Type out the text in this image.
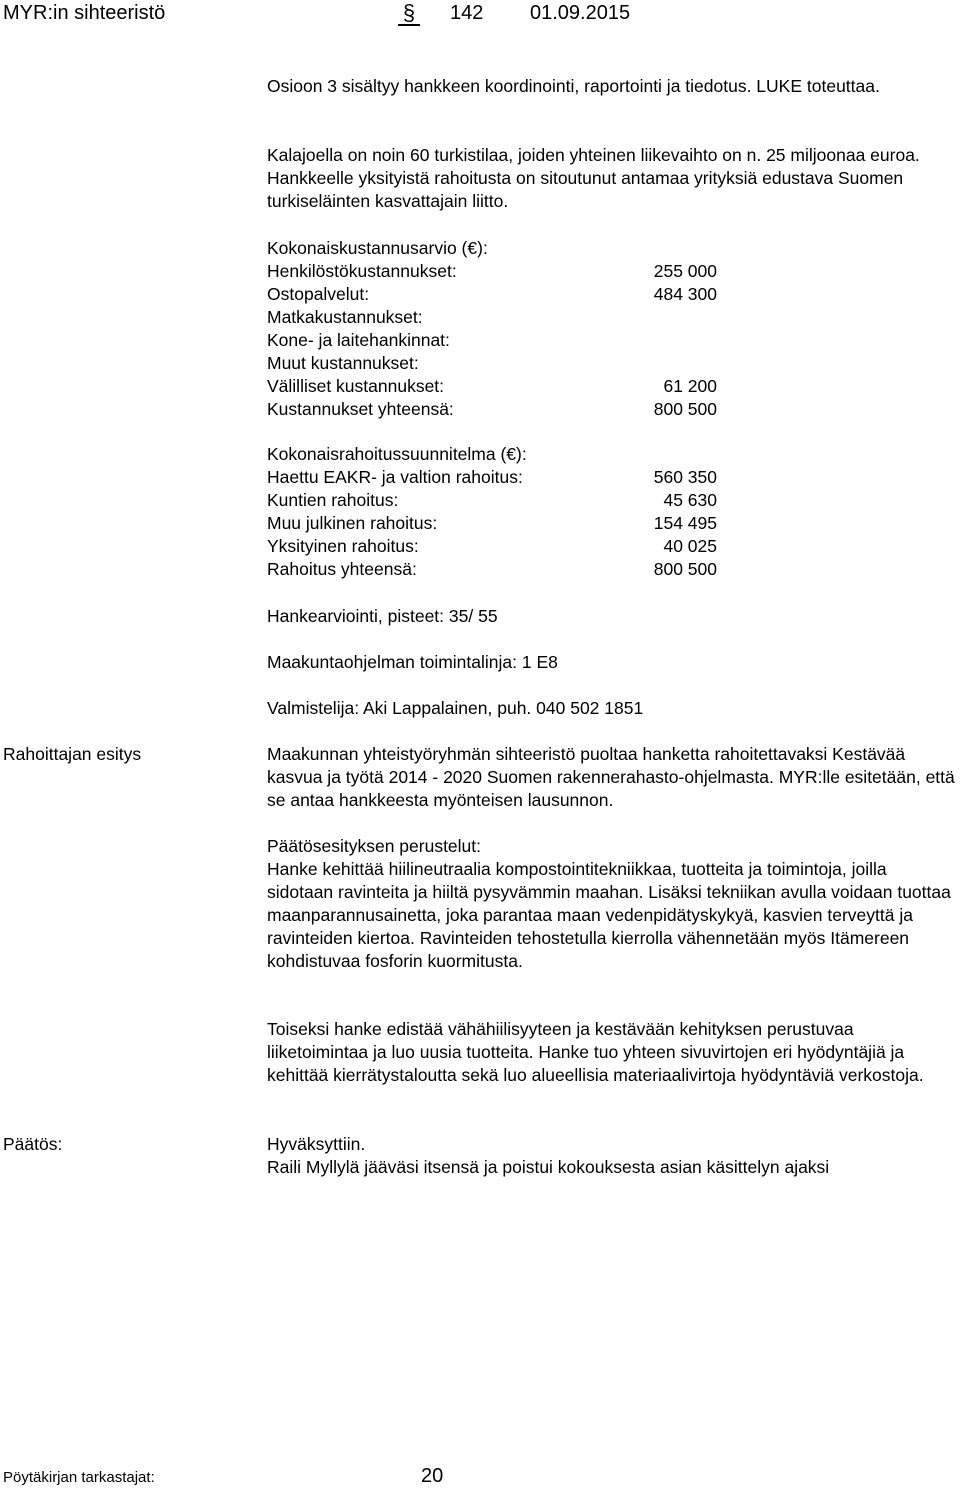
MYR:in sihteeristö	§ 142 01.09.2015

Osioon 3 sisältyy hankkeen koordinointi, raportointi ja tiedotus. LUKE toteuttaa.

Kalajoella on noin 60 turkistilaa, joiden yhteinen liikevaihto on n. 25 miljoonaa euroa. Hankkeelle yksityistä rahoitusta on sitoutunut antamaa yrityksiä edustava Suomen turkiseläinten kasvattajain liitto.

Kokonaiskustannusarvio (€):
Henkilöstökustannukset:	255 000
Ostopalvelut:	484 300
Matkakustannukset:
Kone- ja laitehankinnat:
Muut kustannukset:
Välilliset kustannukset:	61 200
Kustannukset yhteensä:	800 500
Kokonaisrahoitussuunnitelma (€):
Haettu EAKR- ja valtion rahoitus:	560 350
Kuntien rahoitus:	45 630
Muu julkinen rahoitus:	154 495
Yksityinen rahoitus:	40 025
Rahoitus yhteensä:	800 500

Hankearviointi, pisteet: 35/ 55

Maakuntaohjelman toimintalinja: 1 E8

Valmistelija: Aki Lappalainen, puh. 040 502 1851

Rahoittajan esitys	Maakunnan yhteistyöryhmän sihteeristö puoltaa hanketta rahoitettavaksi Kestävää kasvua ja työtä 2014 - 2020 Suomen rakennerahasto-ohjelmasta. MYR:lle esitetään, että se antaa hankkeesta myönteisen lausunnon.

Päätösesityksen perustelut:

Hanke kehittää hiilineutraalia kompostointitekniikkaa, tuotteita ja toimintoja, joilla sidotaan ravinteita ja hiiltä pysyvämmin maahan. Lisäksi tekniikan avulla voidaan tuottaa maanparannusainetta, joka parantaa maan vedenpidätyskykyä, kasvien terveyttä ja ravinteiden kiertoa. Ravinteiden tehostetulla kierrolla vähennetään myös Itämereen kohdistuvaa fosforin kuormitusta.

Toiseksi hanke edistää vähähiilisyyteen ja kestävään kehityksen perustuvaa liiketoimintaa ja luo uusia tuotteita. Hanke tuo yhteen sivuvirtojen eri hyödyntäjiä ja kehittää kierrätystaloutta sekä luo alueellisia materiaalivirtoja hyödyntäviä verkostoja.

Päätös:	Hyväksyttiin.

Raili Myllylä jääväsi itsensä ja poistui kokouksesta asian käsittelyn ajaksi

Pöytäkirjan tarkastajat:	20
